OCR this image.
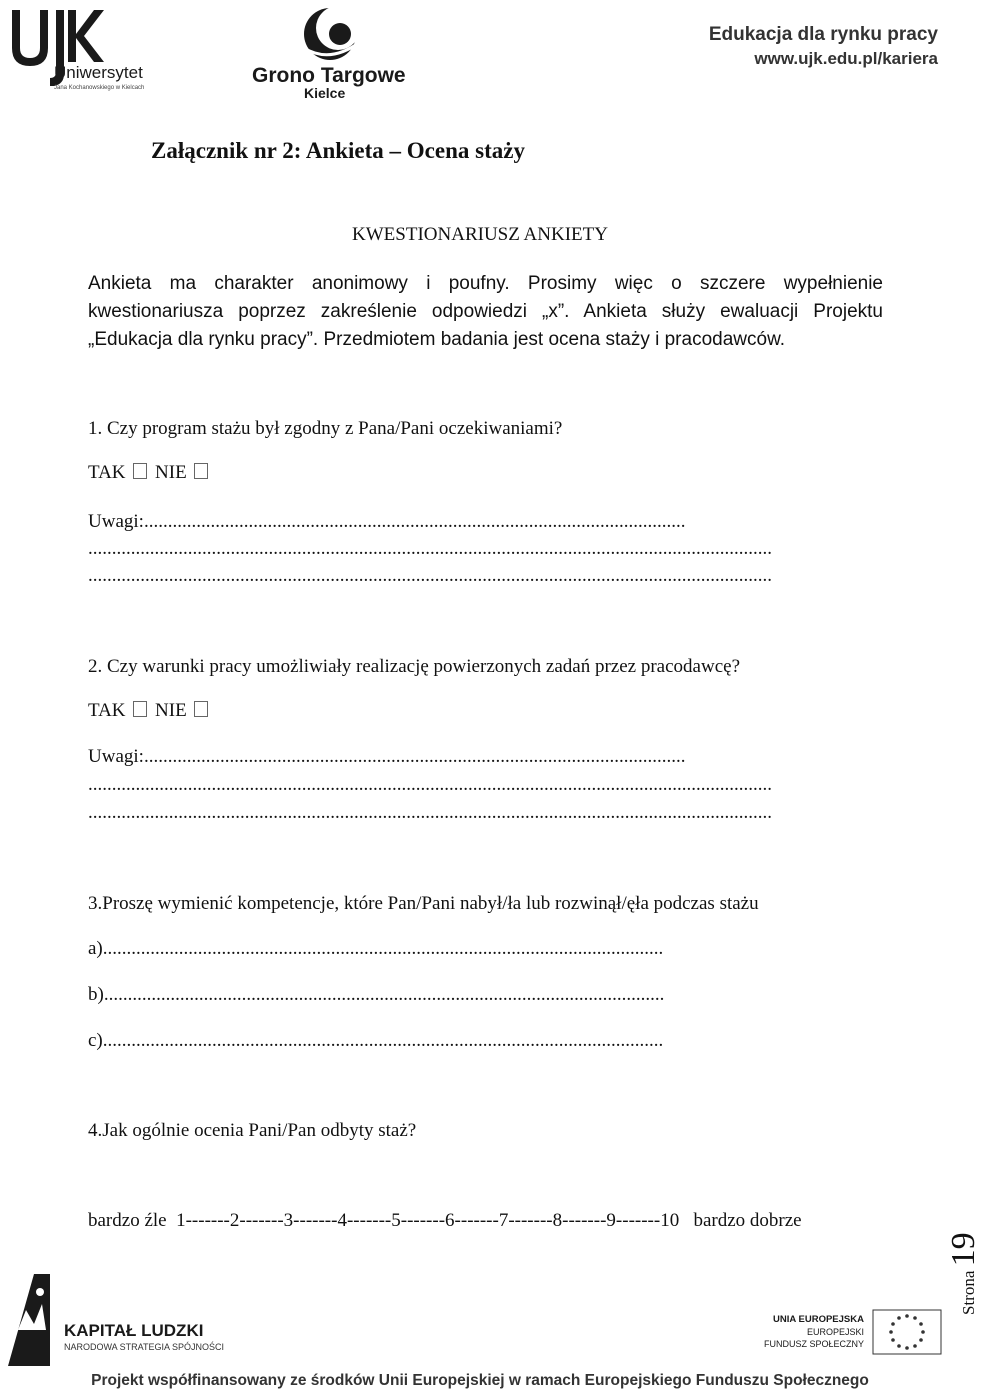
Uniwersytet
Jana Kochanowskiego w Kielcach
Grono Targowe
Kielce
Edukacja dla rynku pracy
www.ujk.edu.pl/kariera
Załącznik nr 2: Ankieta – Ocena staży
KWESTIONARIUSZ ANKIETY
Ankieta ma charakter anonimowy i poufny. Prosimy więc o szczere wypełnienie kwestionariusza poprzez zakreślenie odpowiedzi „x”. Ankieta służy ewaluacji Projektu „Edukacja dla rynku pracy”. Przedmiotem badania jest ocena staży i pracodawców.
1. Czy program stażu był zgodny z Pana/Pani oczekiwaniami?
TAK NIE
Uwagi:..................................................................................................................
................................................................................................................................................
................................................................................................................................................
2. Czy warunki pracy umożliwiały realizację powierzonych zadań przez pracodawcę?
TAK NIE
Uwagi:..................................................................................................................
................................................................................................................................................
................................................................................................................................................
3.Proszę wymienić kompetencje, które Pan/Pani nabył/ła lub rozwinął/ęła podczas stażu
a)......................................................................................................................
b)......................................................................................................................
c)......................................................................................................................
4.Jak ogólnie ocenia Pani/Pan odbyty staż?
bardzo źle  1-------2-------3-------4-------5-------6-------7-------8-------9-------10   bardzo dobrze
Strona 19
KAPITAŁ LUDZKI
NARODOWA STRATEGIA SPÓJNOŚCI
UNIA EUROPEJSKA
EUROPEJSKI
FUNDUSZ SPOŁECZNY
Projekt współfinansowany ze środków Unii Europejskiej w ramach Europejskiego Funduszu Społecznego
